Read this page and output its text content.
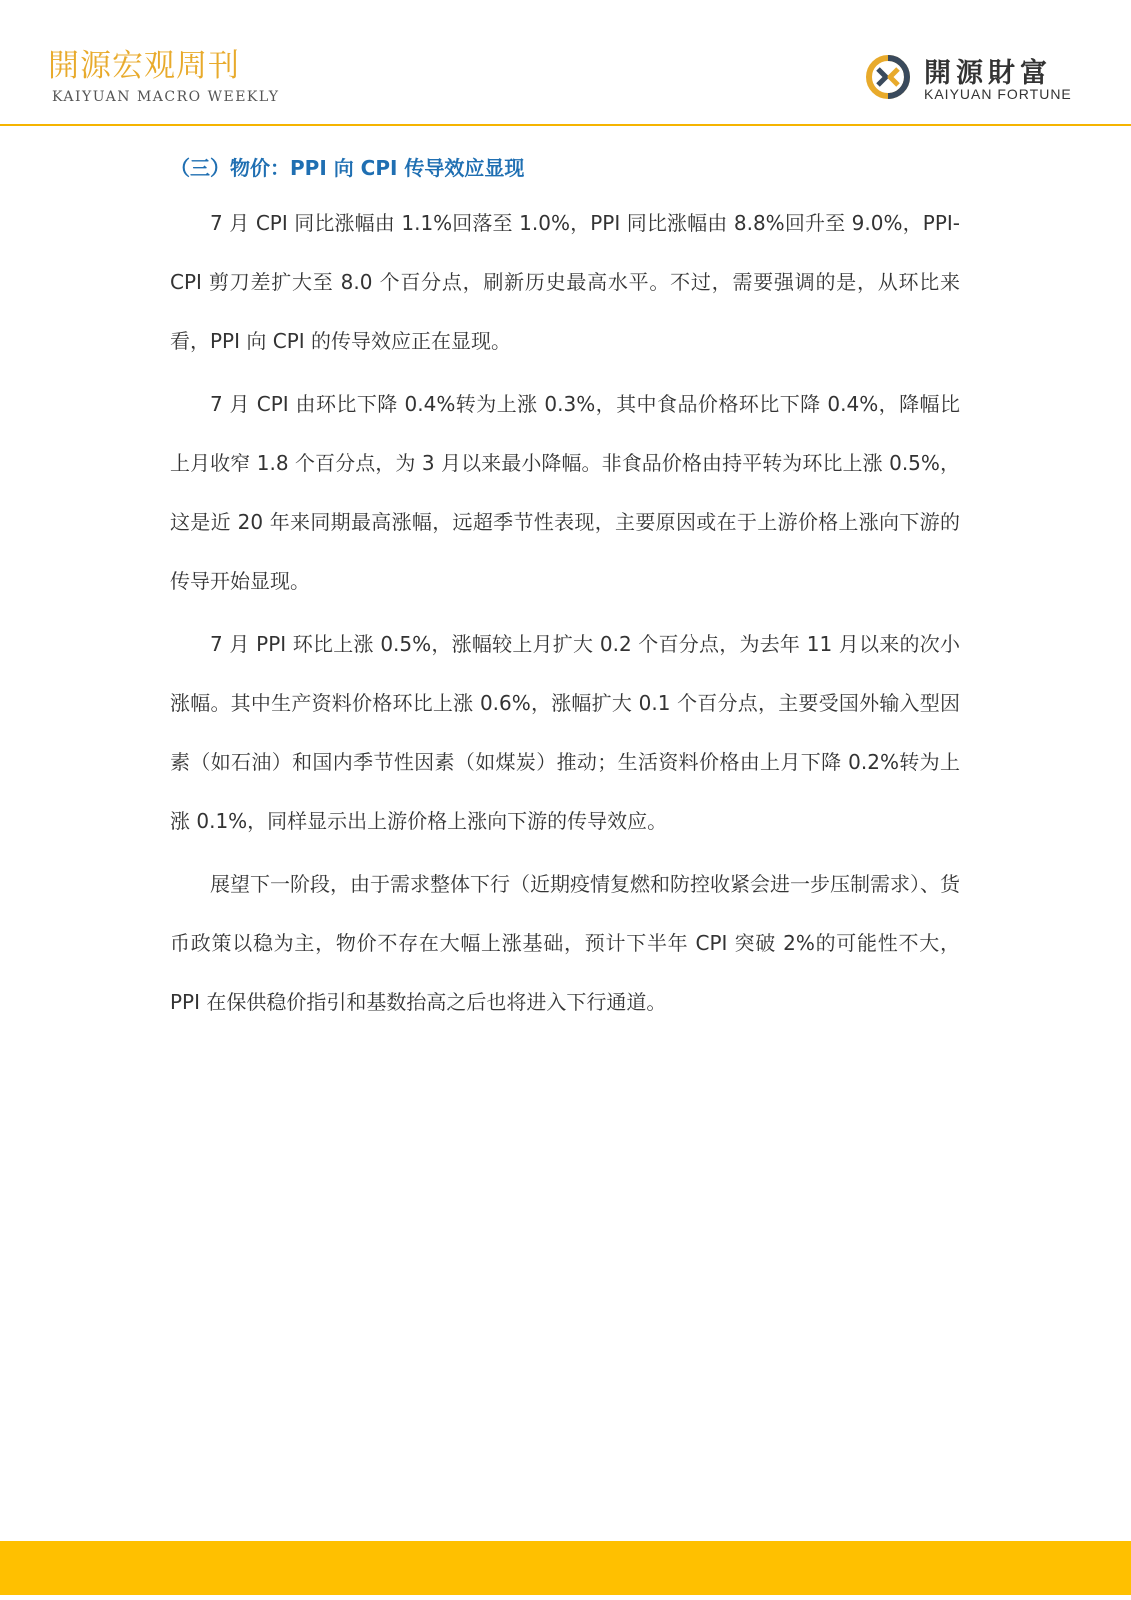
開源宏观周刊
KAIYUAN MACRO WEEKLY
開源財富
KAIYUAN FORTUNE
（三）物价：PPI 向 CPI 传导效应显现

7 月 CPI 同比涨幅由 1.1%回落至 1.0%，PPI 同比涨幅由 8.8%回升至 9.0%，PPI-CPI 剪刀差扩大至 8.0 个百分点，刷新历史最高水平。不过，需要强调的是，从环比来看，PPI 向 CPI 的传导效应正在显现。

7 月 CPI 由环比下降 0.4%转为上涨 0.3%，其中食品价格环比下降 0.4%，降幅比上月收窄 1.8 个百分点，为 3 月以来最小降幅。非食品价格由持平转为环比上涨 0.5%，这是近 20 年来同期最高涨幅，远超季节性表现，主要原因或在于上游价格上涨向下游的传导开始显现。

7 月 PPI 环比上涨 0.5%，涨幅较上月扩大 0.2 个百分点，为去年 11 月以来的次小涨幅。其中生产资料价格环比上涨 0.6%，涨幅扩大 0.1 个百分点，主要受国外输入型因素（如石油）和国内季节性因素（如煤炭）推动；生活资料价格由上月下降 0.2%转为上涨 0.1%，同样显示出上游价格上涨向下游的传导效应。

展望下一阶段，由于需求整体下行（近期疫情复燃和防控收紧会进一步压制需求）、货币政策以稳为主，物价不存在大幅上涨基础，预计下半年 CPI 突破 2%的可能性不大，PPI 在保供稳价指引和基数抬高之后也将进入下行通道。
